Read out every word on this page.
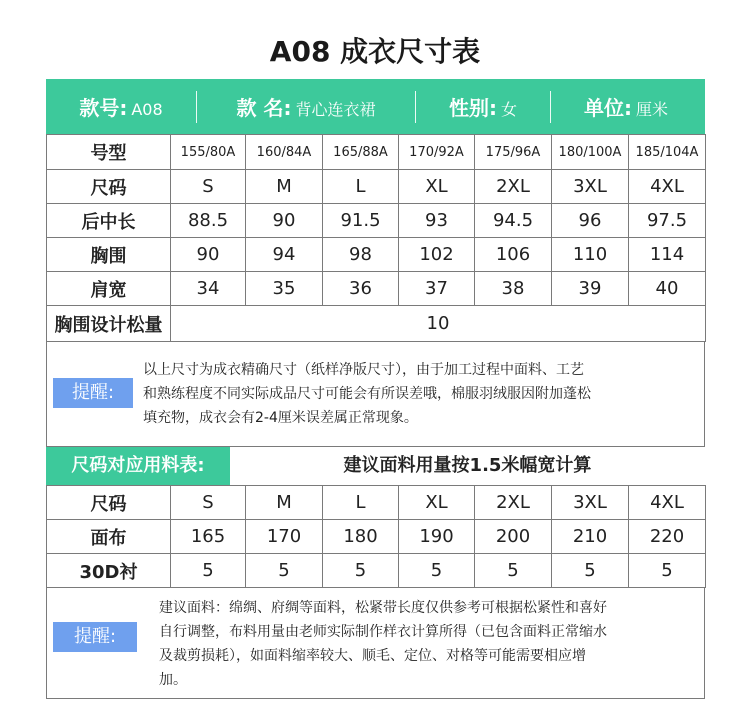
A08 成衣尺寸表
款号: A08	款 名: 背心连衣裙	性别: 女	单位: 厘米
号型	155/80A	160/84A	165/88A	170/92A	175/96A	180/100A	185/104A
尺码	S	M	L	XL	2XL	3XL	4XL
后中长	88.5	90	91.5	93	94.5	96	97.5
胸围	90	94	98	102	106	110	114
肩宽	34	35	36	37	38	39	40
胸围设计松量	10						
提醒:
以上尺寸为成衣精确尺寸（纸样净版尺寸），由于加工过程中面料、工艺
和熟练程度不同实际成品尺寸可能会有所误差哦，棉服羽绒服因附加蓬松
填充物，成衣会有2-4厘米误差属正常现象。
尺码对应用料表:	建议面料用量按1.5米幅宽计算
尺码	S	M	L	XL	2XL	3XL	4XL
面布	165	170	180	190	200	210	220
30D衬	5	5	5	5	5	5	5
提醒:
建议面料：绵绸、府绸等面料，松紧带长度仅供参考可根据松紧性和喜好
自行调整，布料用量由老师实际制作样衣计算所得（已包含面料正常缩水
及裁剪损耗），如面料缩率较大、顺毛、定位、对格等可能需要相应增
加。
